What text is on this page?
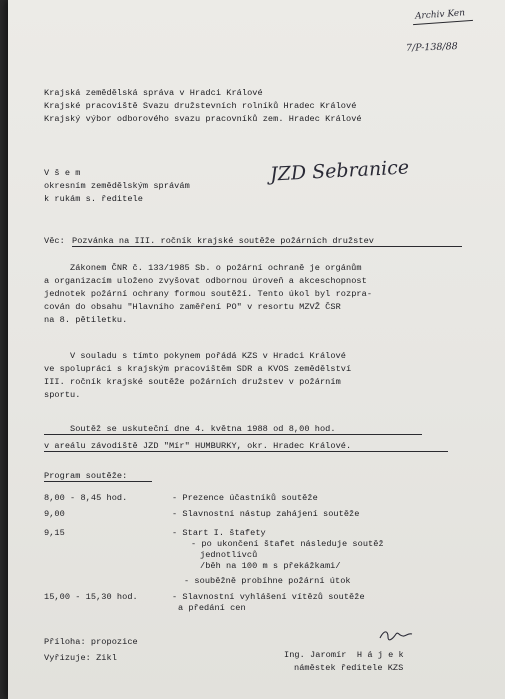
Archiv Ken
7/P-138/88
Krajská zemědělská správa v Hradci Králové
Krajské pracoviště Svazu družstevních rolníků Hradec Králové
Krajský výbor odborového svazu pracovníků zem. Hradec Králové
V š e m
okresním zemědělským správám
k rukám s. ředitele
JZD Sebranice
Věc: Pozvánka na III. ročník krajské soutěže požárních družstev
Zákonem ČNR č. 133/1985 Sb. o požární ochraně je orgánům
a organizacím uloženo zvyšovat odbornou úroveň a akceschopnost
jednotek požární ochrany formou soutěží. Tento úkol byl rozpra-
cován do obsahu "Hlavního zaměření PO" v resortu MZVŽ ČSR
na 8. pětiletku.
V souladu s tímto pokynem pořádá KZS v Hradci Králové
ve spolupráci s krajským pracovištěm SDR a KVOS zemědělství
III. ročník krajské soutěže požárních družstev v požárním
sportu.
Soutěž se uskuteční dne 4. května 1988 od 8,00 hod.
v areálu závodiště JZD "Mír" HUMBURKY, okr. Hradec Králové.
Program soutěže:
8,00 - 8,45 hod.	- Prezence účastníků soutěže
9,00	- Slavnostní nástup zahájení soutěže
9,15	- Start I. štafety
- po ukončení štafet následuje soutěž
jednotlivců
/běh na 100 m s překážkami/
- souběžně probíhne požární útok
15,00 - 15,30 hod.	- Slavnostní vyhlášení vítězů soutěže
a předání cen
Příloha: propozice
Vyřizuje: Zikl	Ing. Jaromír  H á j e k
náměstek ředitele KZS
